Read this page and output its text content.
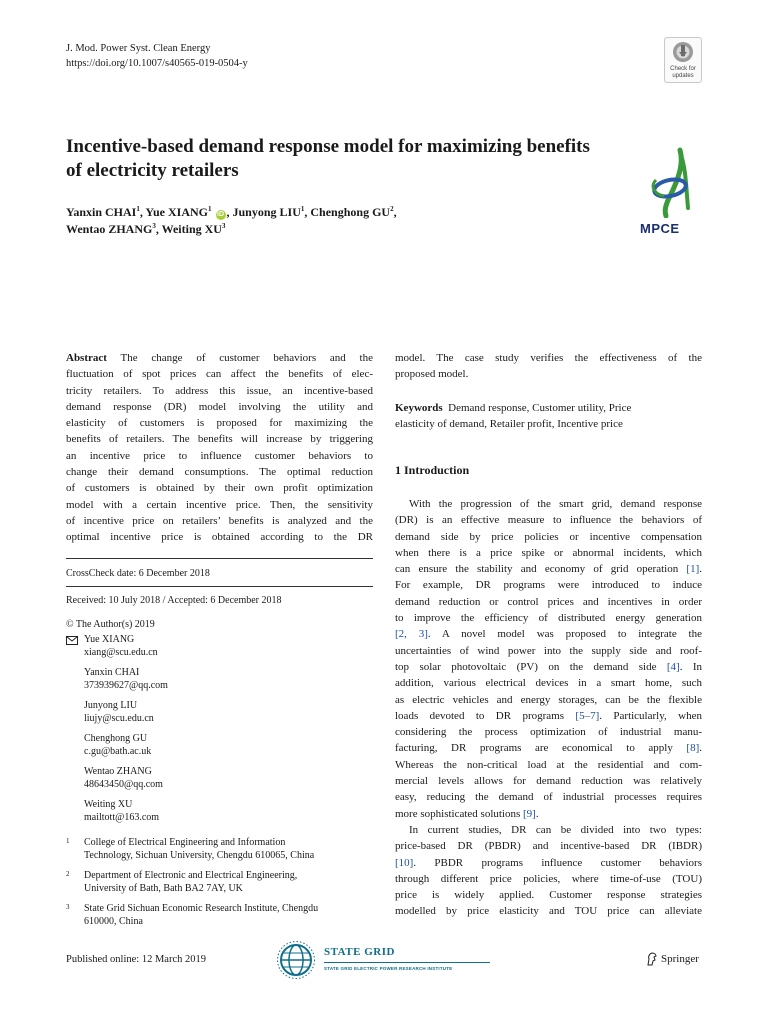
J. Mod. Power Syst. Clean Energy
https://doi.org/10.1007/s40565-019-0504-y	Check for
updates
Incentive-based demand response model for maximizing benefits
of electricity retailers
MPCE
Yanxin CHAI$^1$, Yue XIANG$^1$ iD , Junyong LIU$^1$, Chenghong $GU^2$,
Wentao ZHANG$^3$, Weiting $XU^3$
Abstract The change of customer behaviors and the
fluctuation of spot prices can affect the benefits of elec-
tricity retailers. To address this issue, an incentive-based
demand response (DR) model involving the utility and
elasticity of customers is proposed for maximizing the
benefits of retailers. The benefits will increase by triggering
an incentive price to influence customer behaviors to
change their demand consumptions. The optimal reduction
of customers is obtained by their own profit optimization
model with a certain incentive price. Then, the sensitivity
of incentive price on retailers’ benefits is analyzed and the
optimal incentive price is obtained according to the DR
CrossCheck date: 6 December 2018
Received: 10 July 2018 / Accepted: 6 December 2018
© The Author(s) 2019
Yue XIANG
xiang@scu.edu.cn
Yanxin CHAI
373939627@qq.com
Junyong LIU
liujy@scu.edu.cn
Chenghong GU
c.gu@bath.ac.uk
Wentao ZHANG
48643450@qq.com
Weiting XU
mailtott@163.com
1	College of Electrical Engineering and Information
Technology, Sichuan University, Chengdu 610065, China
2	Department of Electronic and Electrical Engineering,
University of Bath, Bath BA2 7AY, UK
3	State Grid Sichuan Economic Research Institute, Chengdu
610000, China
model. The case study verifies the effectiveness of the
proposed model.
Keywords Demand response, Customer utility, Price
elasticity of demand, Retailer profit, Incentive price
1 Introduction
With the progression of the smart grid, demand response
(DR) is an effective measure to influence the behaviors of
demand side by price policies or incentive compensation
when there is a price spike or abnormal incidents, which
can ensure the stability and economy of grid operation [1].
For example, DR programs were introduced to induce
demand reduction or control prices and incentives in order
to improve the efficiency of distributed energy generation
[2, 3]. A novel model was proposed to integrate the
uncertainties of wind power into the supply side and roof-
top solar photovoltaic (PV) on the demand side [4]. In
addition, various electrical devices in a smart home, such
as electric vehicles and energy storages, can be the flexible
loads devoted to DR programs [5–7]. Particularly, when
considering the process optimization of industrial manu-
facturing, DR programs are economical to apply [8].
Whereas the non-critical load at the residential and com-
mercial levels allows for demand reduction was relatively
easy, reducing the demand of industrial processes requires
more sophisticated solutions [9].
In current studies, DR can be divided into two types:
price-based DR (PBDR) and incentive-based DR (IBDR)
[10]. PBDR programs influence customer behaviors
through different price policies, where time-of-use (TOU)
price is widely applied. Customer response strategies
modelled by price elasticity and TOU price can alleviate
Published online: 12 March 2019
STATE GRID
STATE GRID ELECTRIC POWER RESEARCH INSTITUTE
Springer
